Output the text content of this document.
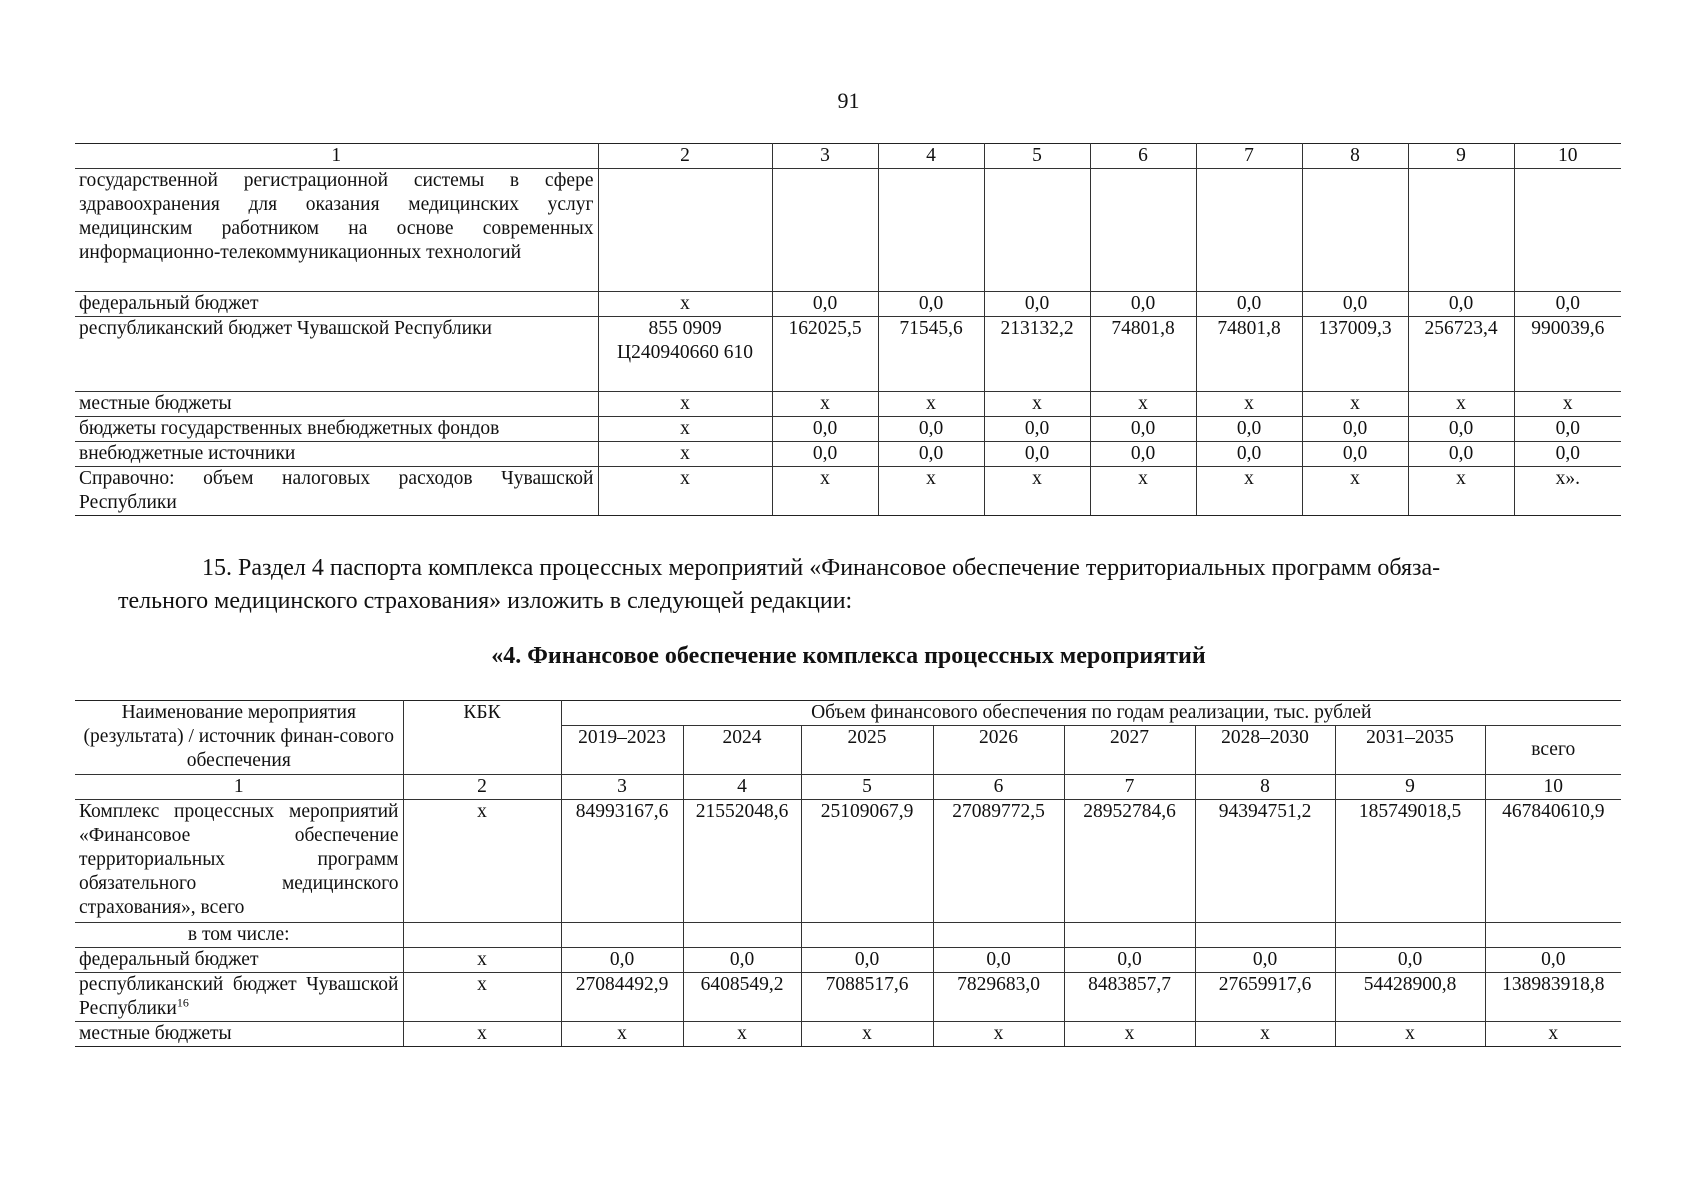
91
1	2	3	4	5	6	7	8	9	10
государственной регистрационной системы в сфере здравоохранения для оказания медицинских услуг медицинским работником на основе современных информационно-телекоммуникационных технологий									
федеральный бюджет	х	0,0	0,0	0,0	0,0	0,0	0,0	0,0	0,0
республиканский бюджет Чувашской Республики	855 0909 Ц240940660 610	162025,5	71545,6	213132,2	74801,8	74801,8	137009,3	256723,4	990039,6
местные бюджеты	х	х	х	х	х	х	х	х	х
бюджеты государственных внебюджетных фондов	х	0,0	0,0	0,0	0,0	0,0	0,0	0,0	0,0
внебюджетные источники	х	0,0	0,0	0,0	0,0	0,0	0,0	0,0	0,0
Справочно: объем налоговых расходов Чувашской Республики	х	х	х	х	х	х	х	х	х».
15. Раздел 4 паспорта комплекса процессных мероприятий «Финансовое обеспечение территориальных программ обяза-
тельного медицинского страхования» изложить в следующей редакции:
«4. Финансовое обеспечение комплекса процессных мероприятий
Наименование мероприятия (результата) / источник финан-сового обеспечения	КБК	Объем финансового обеспечения по годам реализации, тыс. рублей							
		2019–2023	2024	2025	2026	2027	2028–2030	2031–2035	всего
1	2	3	4	5	6	7	8	9	10
Комплекс процессных мероприятий «Финансовое обеспечение территориальных программ обязательного медицинского страхования», всего	х	84993167,6	21552048,6	25109067,9	27089772,5	28952784,6	94394751,2	185749018,5	467840610,9
в том числе:									
федеральный бюджет	х	0,0	0,0	0,0	0,0	0,0	0,0	0,0	0,0
республиканский бюджет Чувашской Республики$^{16}$	х	27084492,9	6408549,2	7088517,6	7829683,0	8483857,7	27659917,6	54428900,8	138983918,8
местные бюджеты	х	х	х	х	х	х	х	х	х
